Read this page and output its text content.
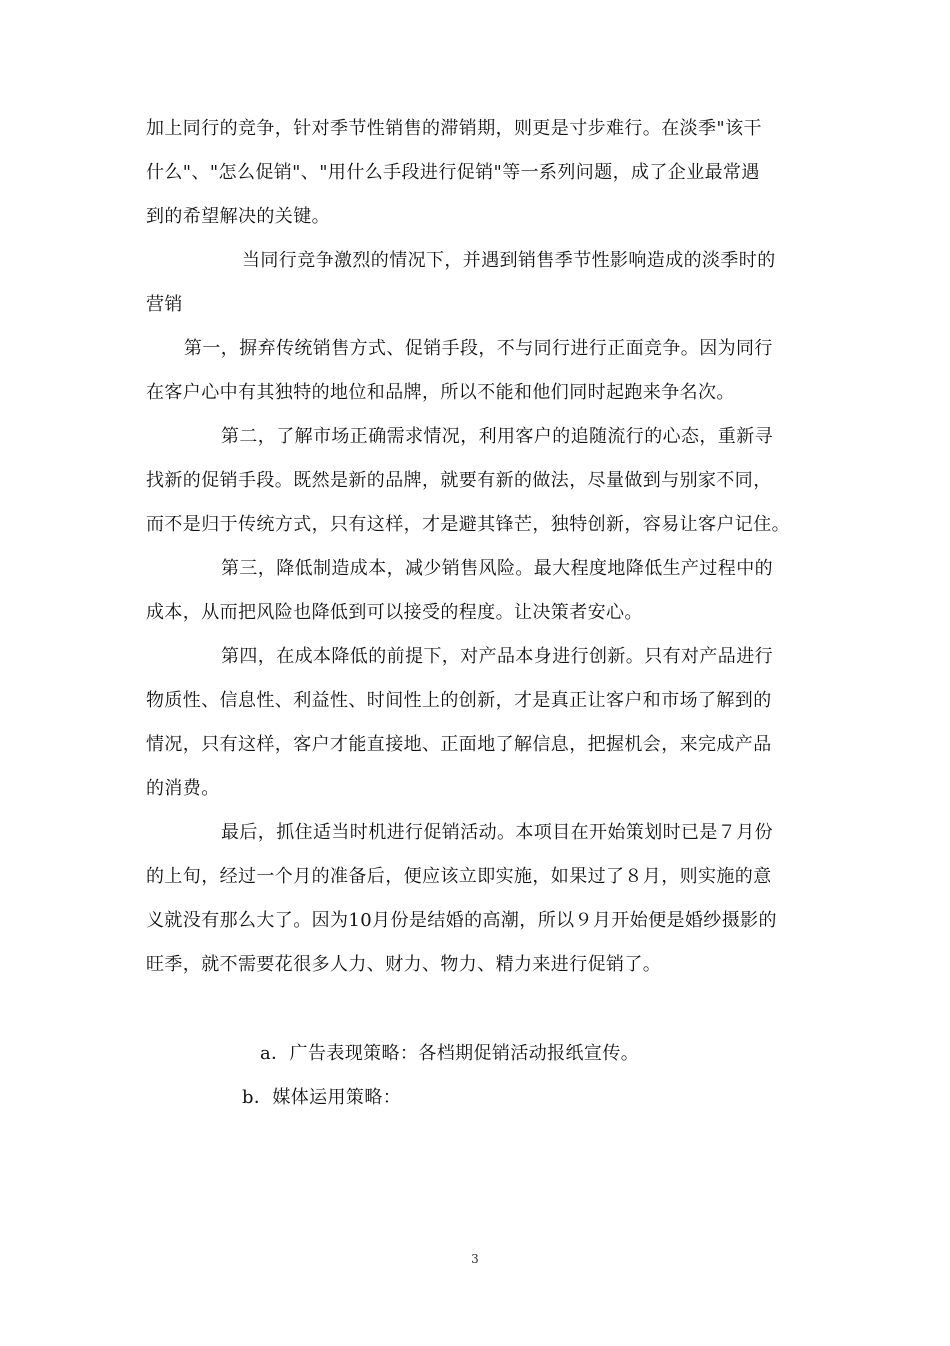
加上同行的竞争，针对季节性销售的滞销期，则更是寸步难行。在淡季"该干
什么"、"怎么促销"、"用什么手段进行促销"等一系列问题，成了企业最常遇
到的希望解决的关键。
当同行竞争激烈的情况下，并遇到销售季节性影响造成的淡季时的
营销
第一，摒弃传统销售方式、促销手段，不与同行进行正面竞争。因为同行
在客户心中有其独特的地位和品牌，所以不能和他们同时起跑来争名次。
第二，了解市场正确需求情况，利用客户的追随流行的心态，重新寻
找新的促销手段。既然是新的品牌，就要有新的做法，尽量做到与别家不同，
而不是归于传统方式，只有这样，才是避其锋芒，独特创新，容易让客户记住。
第三，降低制造成本，减少销售风险。最大程度地降低生产过程中的
成本，从而把风险也降低到可以接受的程度。让决策者安心。
第四，在成本降低的前提下，对产品本身进行创新。只有对产品进行
物质性、信息性、利益性、时间性上的创新，才是真正让客户和市场了解到的
情况，只有这样，客户才能直接地、正面地了解信息，把握机会，来完成产品
的消费。
最后，抓住适当时机进行促销活动。本项目在开始策划时已是７月份
的上旬，经过一个月的准备后，便应该立即实施，如果过了８月，则实施的意
义就没有那么大了。因为10月份是结婚的高潮，所以９月开始便是婚纱摄影的
旺季，就不需要花很多人力、财力、物力、精力来进行促销了。
a．广告表现策略：各档期促销活动报纸宣传。
b．媒体运用策略：
3
